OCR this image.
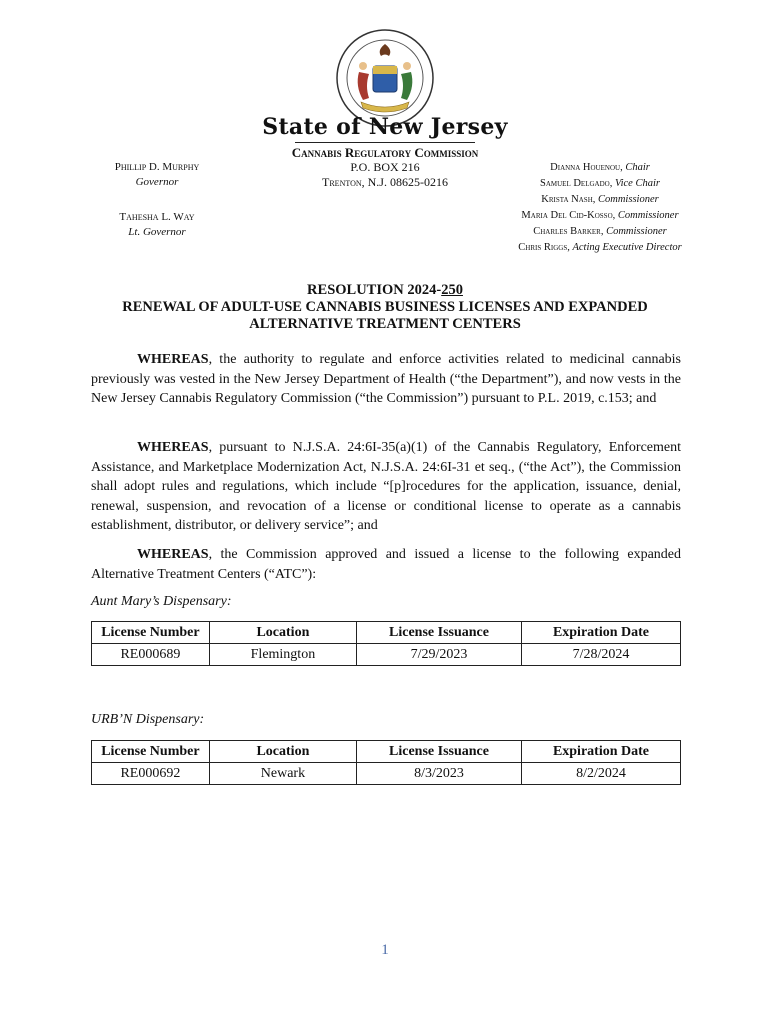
State of New Jersey
Cannabis Regulatory Commission
P.O. BOX 216
Trenton, N.J. 08625-0216
Phillip D. Murphy
Governor
Tahesha L. Way
Lt. Governor
Dianna Houenou, Chair
Samuel Delgado, Vice Chair
Krista Nash, Commissioner
Maria Del Cid-Kosso, Commissioner
Charles Barker, Commissioner
Chris Riggs, Acting Executive Director
RESOLUTION 2024-250
RENEWAL OF ADULT-USE CANNABIS BUSINESS LICENSES AND EXPANDED
ALTERNATIVE TREATMENT CENTERS
WHEREAS, the authority to regulate and enforce activities related to medicinal cannabis previously was vested in the New Jersey Department of Health (“the Department”), and now vests in the New Jersey Cannabis Regulatory Commission (“the Commission”) pursuant to P.L. 2019, c.153; and
WHEREAS, pursuant to N.J.S.A. 24:6I-35(a)(1) of the Cannabis Regulatory, Enforcement Assistance, and Marketplace Modernization Act, N.J.S.A. 24:6I-31 et seq., (“the Act”), the Commission shall adopt rules and regulations, which include “[p]rocedures for the application, issuance, denial, renewal, suspension, and revocation of a license or conditional license to operate as a cannabis establishment, distributor, or delivery service”; and
WHEREAS, the Commission approved and issued a license to the following expanded Alternative Treatment Centers (“ATC”):
Aunt Mary’s Dispensary:
License Number	Location	License Issuance	Expiration Date
RE000689	Flemington	7/29/2023	7/28/2024
URB’N Dispensary:
License Number	Location	License Issuance	Expiration Date
RE000692	Newark	8/3/2023	8/2/2024
1
